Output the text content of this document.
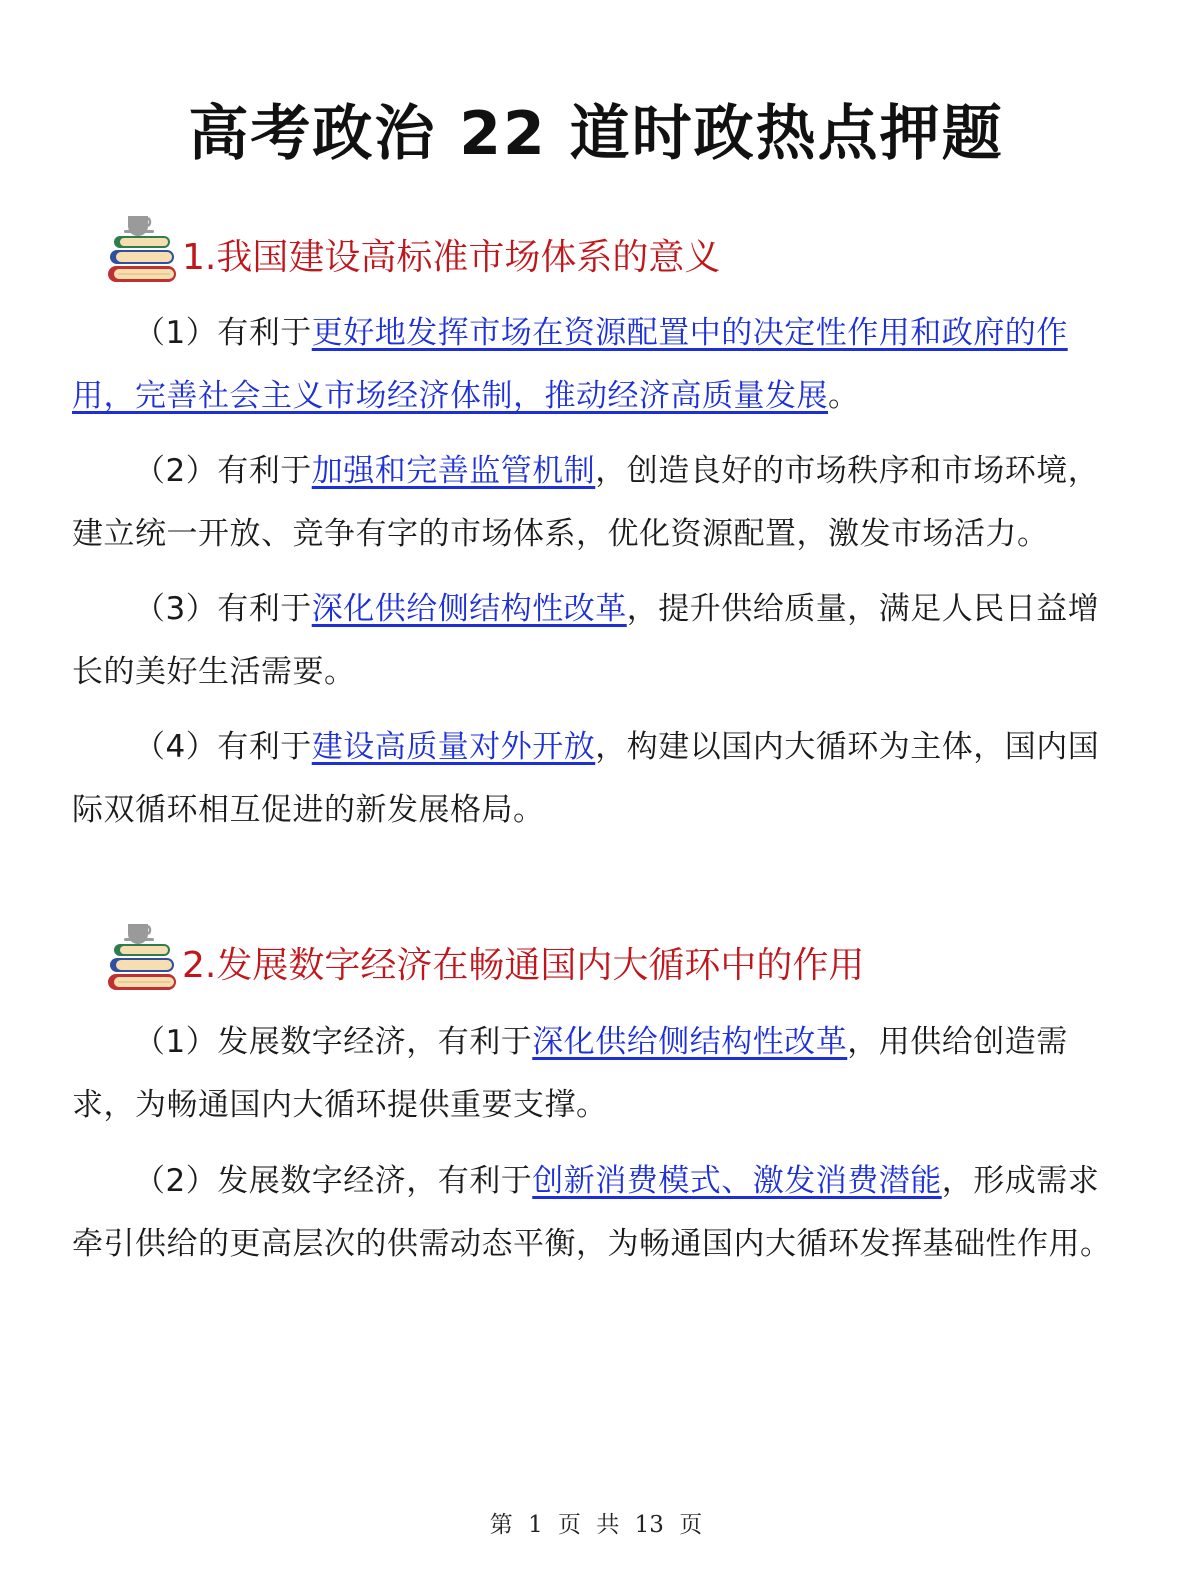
高考政治 22 道时政热点押题
1.我国建设高标准市场体系的意义

（1）有利于更好地发挥市场在资源配置中的决定性作用和政府的作用，完善社会主义市场经济体制，推动经济高质量发展。

（2）有利于加强和完善监管机制，创造良好的市场秩序和市场环境，建立统一开放、竞争有字的市场体系，优化资源配置，激发市场活力。

（3）有利于深化供给侧结构性改革，提升供给质量，满足人民日益增长的美好生活需要。

（4）有利于建设高质量对外开放，构建以国内大循环为主体，国内国际双循环相互促进的新发展格局。

2.发展数字经济在畅通国内大循环中的作用

（1）发展数字经济，有利于深化供给侧结构性改革，用供给创造需求，为畅通国内大循环提供重要支撑。

（2）发展数字经济，有利于创新消费模式、激发消费潜能，形成需求牵引供给的更高层次的供需动态平衡，为畅通国内大循环发挥基础性作用。

第 1 页 共 13 页
